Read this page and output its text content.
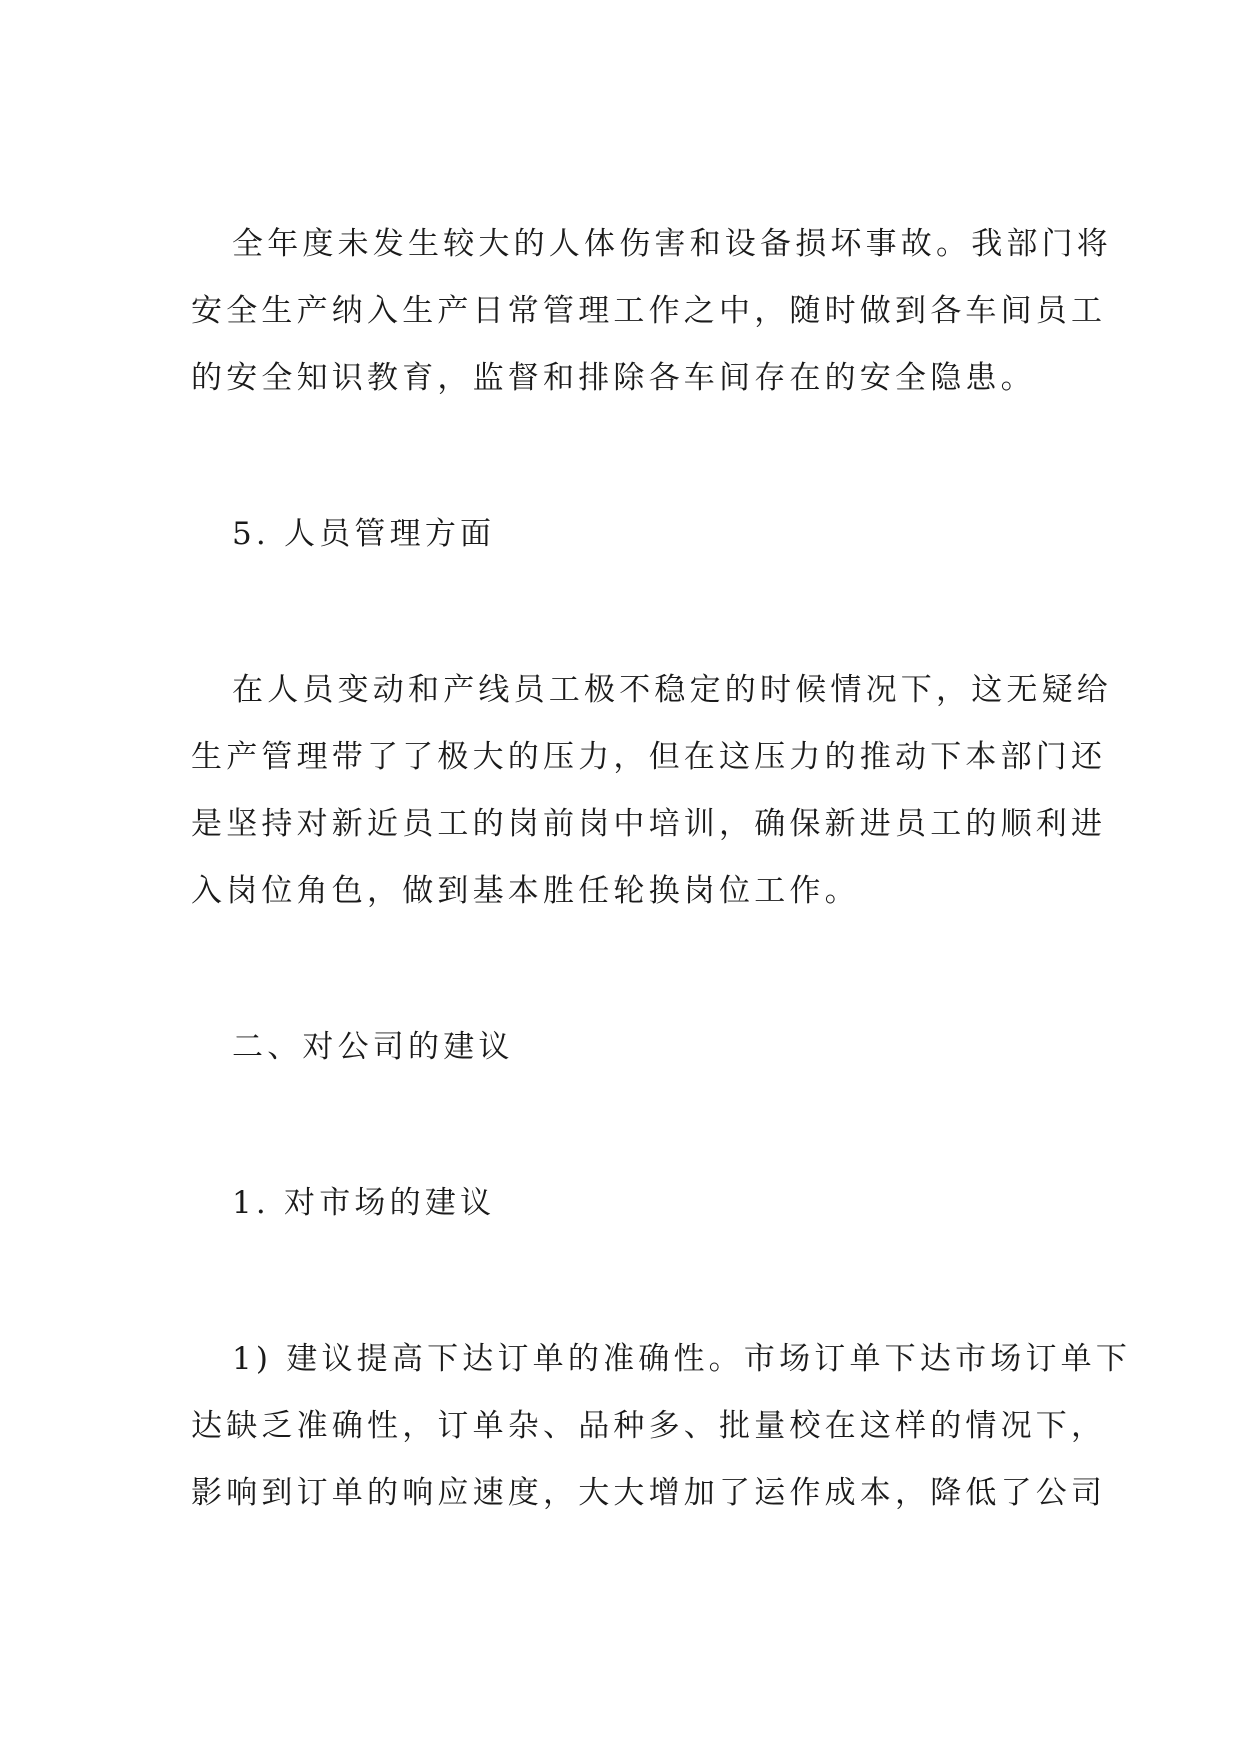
全年度未发生较大的人体伤害和设备损坏事故。我部门将
安全生产纳入生产日常管理工作之中，随时做到各车间员工
的安全知识教育，监督和排除各车间存在的安全隐患。
5. 人员管理方面
在人员变动和产线员工极不稳定的时候情况下，这无疑给
生产管理带了了极大的压力，但在这压力的推动下本部门还
是坚持对新近员工的岗前岗中培训，确保新进员工的顺利进
入岗位角色，做到基本胜任轮换岗位工作。
二、对公司的建议
1. 对市场的建议
1) 建议提高下达订单的准确性。市场订单下达市场订单下
达缺乏准确性，订单杂、品种多、批量校在这样的情况下，
影响到订单的响应速度，大大增加了运作成本，降低了公司
